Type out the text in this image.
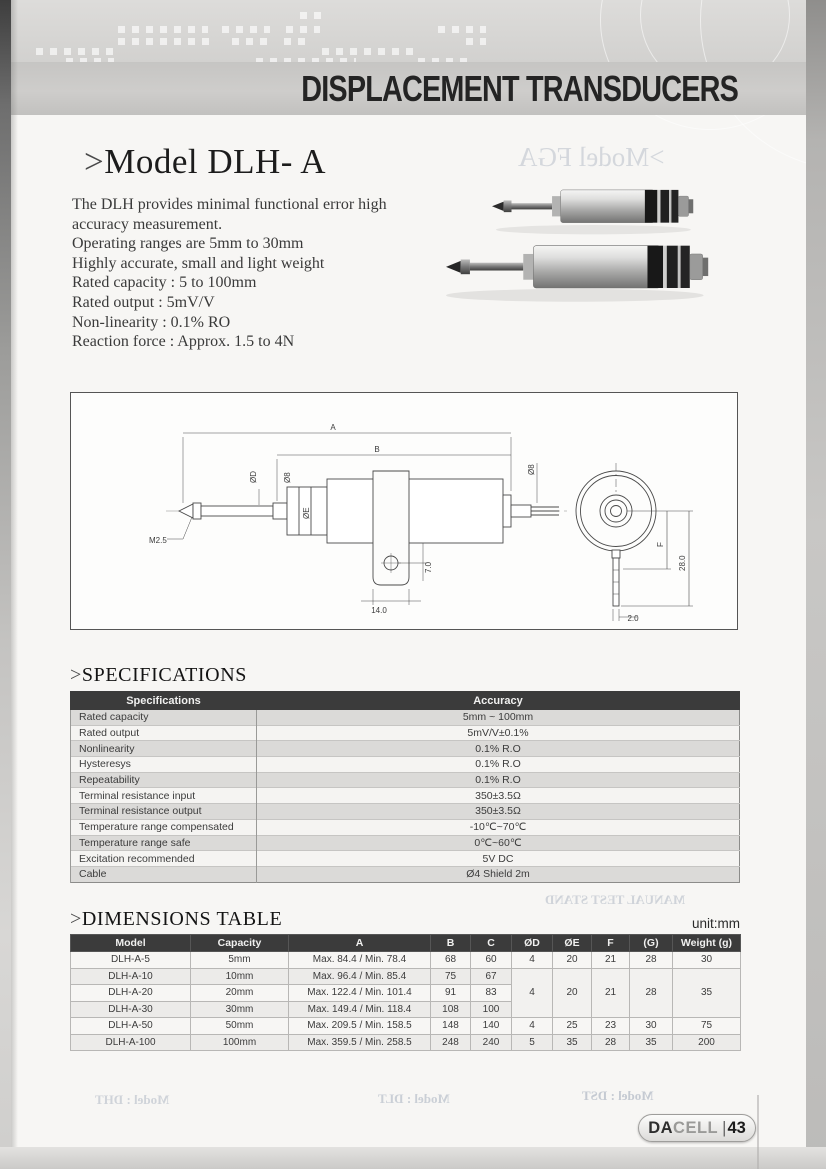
DISPLACEMENT TRANSDUCERS
>Model FGA
MANUAL TEST STAND
Model : DHT	Model : DLT	Model : DST
>Model DLH- A
The DLH provides minimal functional error high
accuracy measurement.
Operating ranges are 5mm to 30mm
Highly accurate, small and light weight
Rated capacity : 5 to 100mm
Rated output : 5mV/V
Non-linearity : 0.1% RO
Reaction force : Approx. 1.5 to 4N
A
B
ØD	Ø8
ØE
M2.5
7.0
14.0
Ø8
F
28.0
2.0
>SPECIFICATIONS
Specifications	Accuracy
Rated capacity	5mm ~ 100mm
Rated output	5mV/V±0.1%
Nonlinearity	0.1% R.O
Hysteresys	0.1% R.O
Repeatability	0.1% R.O
Terminal resistance input	350±3.5Ω
Terminal resistance output	350±3.5Ω
Temperature range compensated	-10℃~70℃
Temperature range safe	0℃~60℃
Excitation recommended	5V DC
Cable	Ø4 Shield 2m
>DIMENSIONS TABLE	unit:mm
Model	Capacity	A	B	C	ØD	ØE	F	(G)	Weight (g)
DLH-A-5	5mm	Max. 84.4 / Min. 78.4	68	60	4	20	21	28	30
DLH-A-10	10mm	Max. 96.4 / Min. 85.4	75	67	4	20	21	28	35
DLH-A-20	20mm	Max. 122.4 / Min. 101.4	91	83					
DLH-A-30	30mm	Max. 149.4 / Min. 118.4	108	100					
DLH-A-50	50mm	Max. 209.5 / Min. 158.5	148	140	4	25	23	30	75
DLH-A-100	100mm	Max. 359.5 / Min. 258.5	248	240	5	35	28	35	200
DA CELL | 43
